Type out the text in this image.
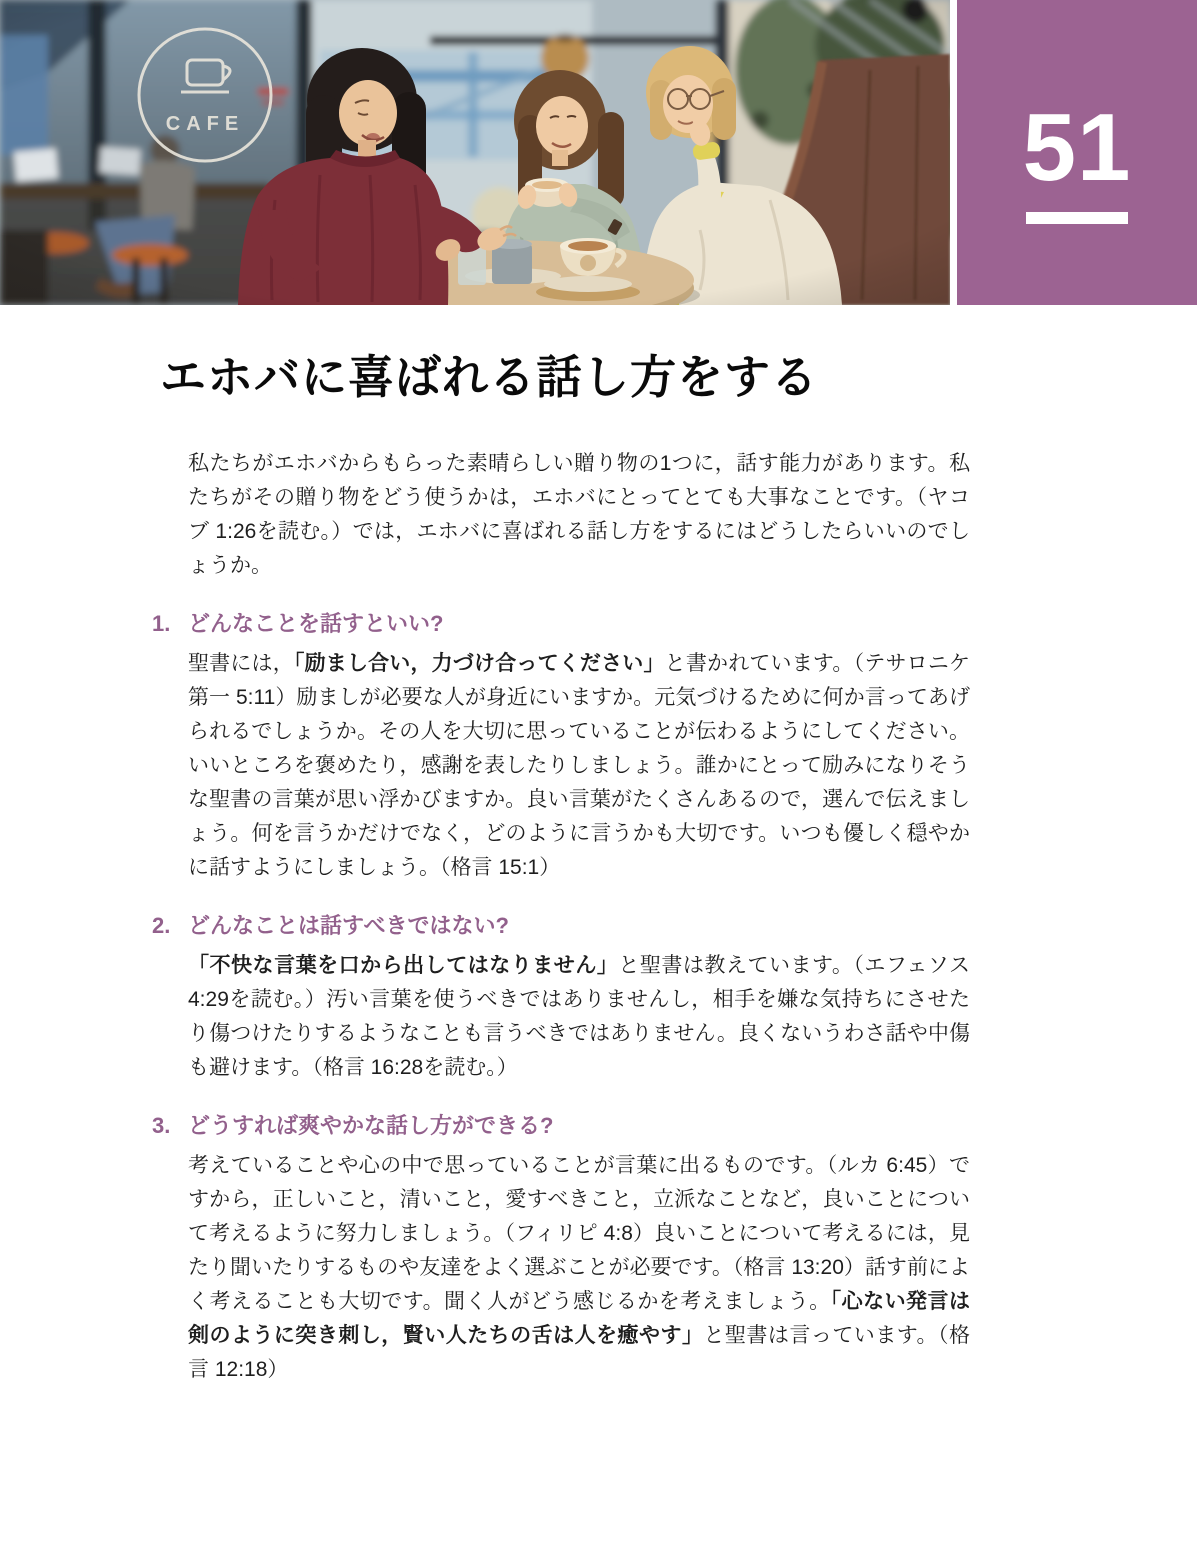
51
エホバに喜ばれる話し方をする

私たちがエホバからもらった素晴らしい贈り物の1つに，話す能力があります。私たちがその贈り物をどう使うかは，エホバにとってとても大事なことです。（ヤコブ 1:26を読む。）では，エホバに喜ばれる話し方をするにはどうしたらいいのでしょうか。

1. どんなことを話すといい?

聖書には，「励まし合い，力づけ合ってください」と書かれています。（テサロニケ第一 5:11）励ましが必要な人が身近にいますか。元気づけるために何か言ってあげられるでしょうか。その人を大切に思っていることが伝わるようにしてください。いいところを褒めたり，感謝を表したりしましょう。誰かにとって励みになりそうな聖書の言葉が思い浮かびますか。良い言葉がたくさんあるので，選んで伝えましょう。何を言うかだけでなく，どのように言うかも大切です。いつも優しく穏やかに話すようにしましょう。（格言 15:1）

2. どんなことは話すべきではない?

「不快な言葉を口から出してはなりません」と聖書は教えています。（エフェソス 4:29を読む。）汚い言葉を使うべきではありませんし，相手を嫌な気持ちにさせたり傷つけたりするようなことも言うべきではありません。良くないうわさ話や中傷も避けます。（格言 16:28を読む。）

3. どうすれば爽やかな話し方ができる?

考えていることや心の中で思っていることが言葉に出るものです。（ルカ 6:45）ですから，正しいこと，清いこと，愛すべきこと，立派なことなど，良いことについて考えるように努力しましょう。（フィリピ 4:8）良いことについて考えるには，見たり聞いたりするものや友達をよく選ぶことが必要です。（格言 13:20）話す前によく考えることも大切です。聞く人がどう感じるかを考えましょう。「心ない発言は剣のように突き刺し，賢い人たちの舌は人を癒やす」と聖書は言っています。（格言 12:18）
